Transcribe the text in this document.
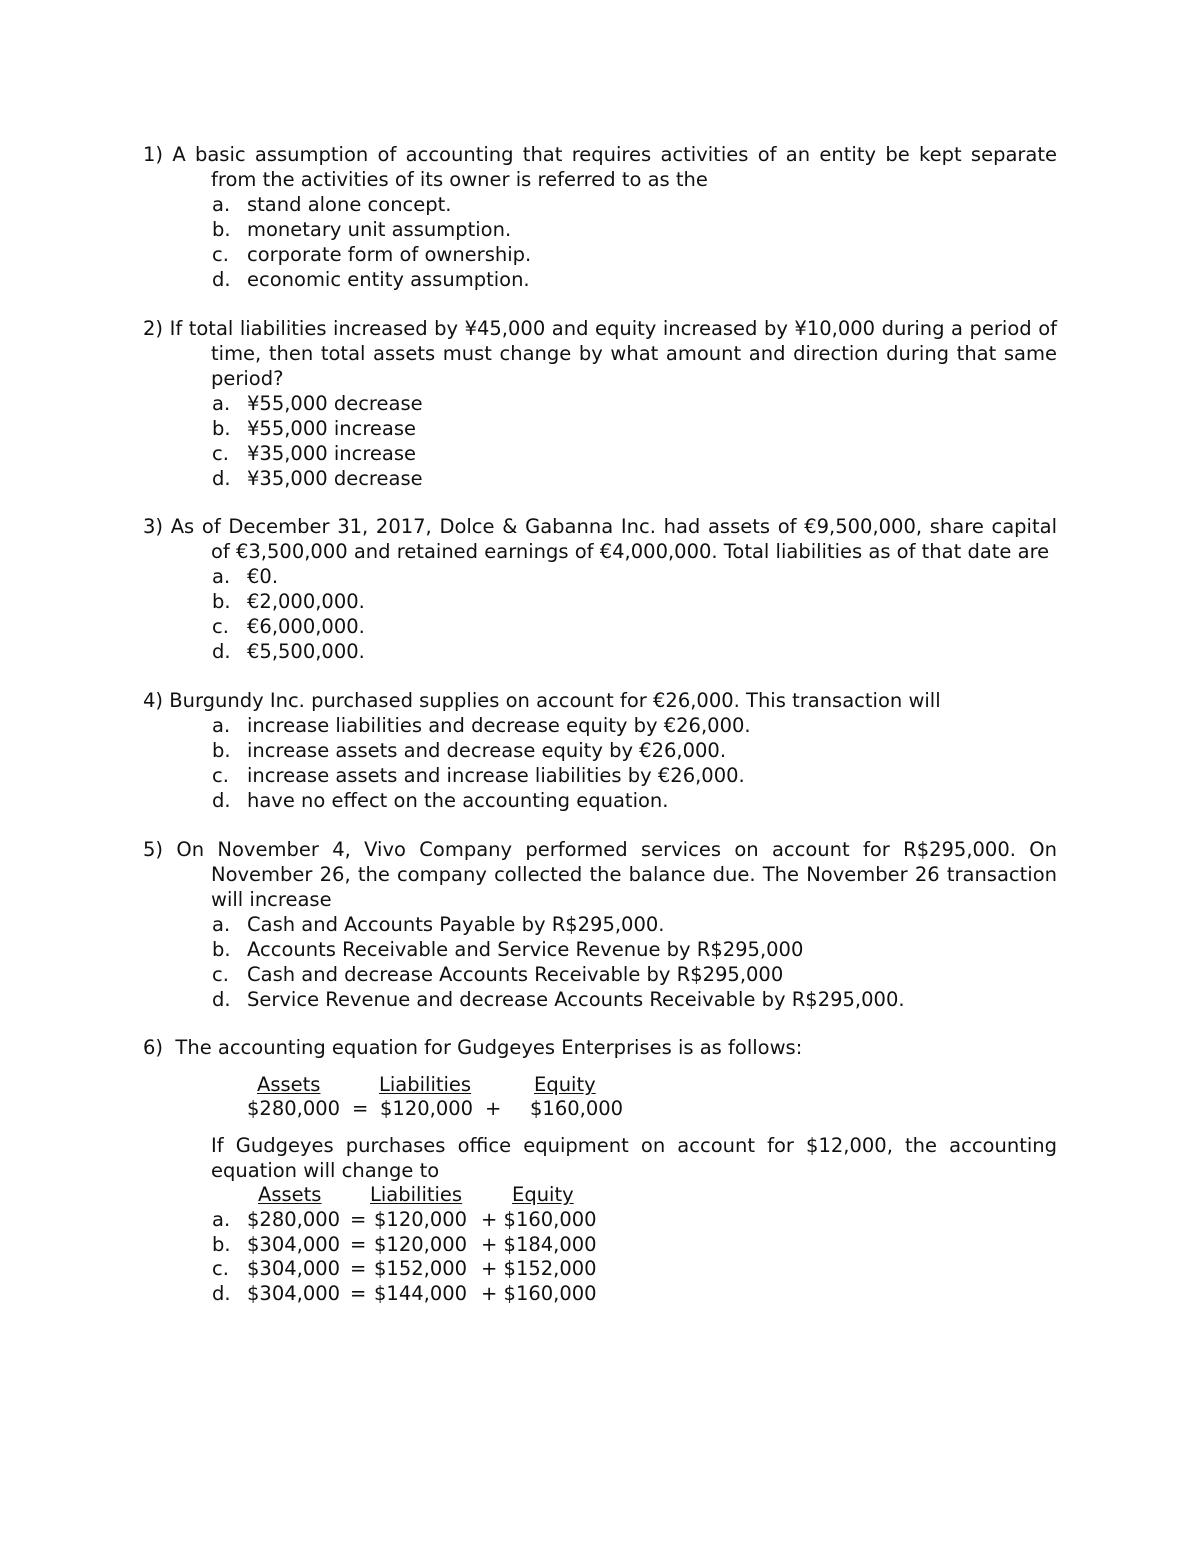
1) A basic assumption of accounting that requires activities of an entity be kept separate from the activities of its owner is referred to as the
a. stand alone concept.
b. monetary unit assumption.
c. corporate form of ownership.
d. economic entity assumption.
2) If total liabilities increased by ¥45,000 and equity increased by ¥10,000 during a period of time, then total assets must change by what amount and direction during that same period?
a. ¥55,000 decrease
b. ¥55,000 increase
c. ¥35,000 increase
d. ¥35,000 decrease
3) As of December 31, 2017, Dolce & Gabanna Inc. had assets of €9,500,000, share capital of €3,500,000 and retained earnings of €4,000,000. Total liabilities as of that date are
a. €0.
b. €2,000,000.
c. €6,000,000.
d. €5,500,000.
4) Burgundy Inc. purchased supplies on account for €26,000. This transaction will
a. increase liabilities and decrease equity by €26,000.
b. increase assets and decrease equity by €26,000.
c. increase assets and increase liabilities by €26,000.
d. have no effect on the accounting equation.
5) On November 4, Vivo Company performed services on account for R$295,000. On November 26, the company collected the balance due. The November 26 transaction will increase
a. Cash and Accounts Payable by R$295,000.
b. Accounts Receivable and Service Revenue by R$295,000
c. Cash and decrease Accounts Receivable by R$295,000
d. Service Revenue and decrease Accounts Receivable by R$295,000.
6) The accounting equation for Gudgeyes Enterprises is as follows:
Assets	Liabilities	Equity
$280,000 = $120,000 + $160,000
If Gudgeyes purchases office equipment on account for $12,000, the accounting equation will change to
Assets Liabilities	Equity
a. $280,000 = $120,000 + $160,000
b. $304,000 = $120,000 + $184,000
c. $304,000 = $152,000 + $152,000
d. $304,000 = $144,000 + $160,000
